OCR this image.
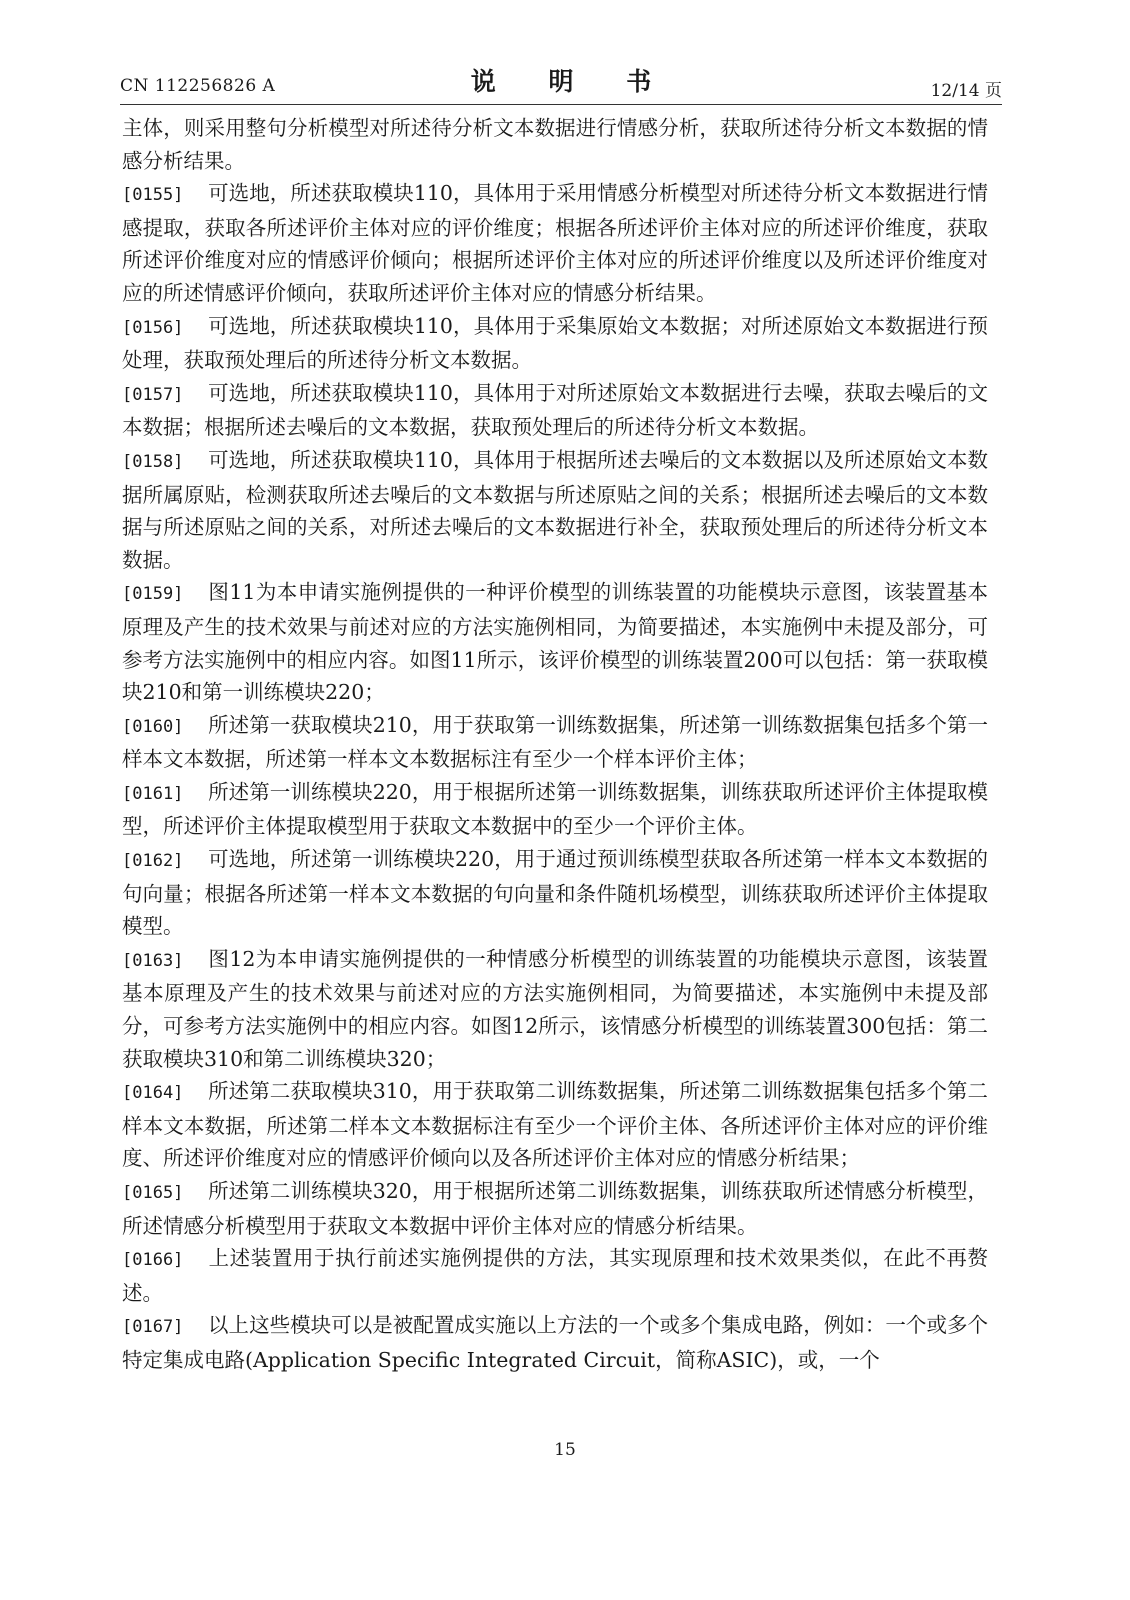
CN 112256826 A	说 明 书	12/14 页

主体，则采用整句分析模型对所述待分析文本数据进行情感分析，获取所述待分析文本数据的情感分析结果。

[0155] 可选地，所述获取模块110，具体用于采用情感分析模型对所述待分析文本数据进行情感提取，获取各所述评价主体对应的评价维度；根据各所述评价主体对应的所述评价维度，获取所述评价维度对应的情感评价倾向；根据所述评价主体对应的所述评价维度以及所述评价维度对应的所述情感评价倾向，获取所述评价主体对应的情感分析结果。

[0156] 可选地，所述获取模块110，具体用于采集原始文本数据；对所述原始文本数据进行预处理，获取预处理后的所述待分析文本数据。

[0157] 可选地，所述获取模块110，具体用于对所述原始文本数据进行去噪，获取去噪后的文本数据；根据所述去噪后的文本数据，获取预处理后的所述待分析文本数据。

[0158] 可选地，所述获取模块110，具体用于根据所述去噪后的文本数据以及所述原始文本数据所属原贴，检测获取所述去噪后的文本数据与所述原贴之间的关系；根据所述去噪后的文本数据与所述原贴之间的关系，对所述去噪后的文本数据进行补全，获取预处理后的所述待分析文本数据。

[0159] 图11为本申请实施例提供的一种评价模型的训练装置的功能模块示意图，该装置基本原理及产生的技术效果与前述对应的方法实施例相同，为简要描述，本实施例中未提及部分，可参考方法实施例中的相应内容。如图11所示，该评价模型的训练装置200可以包括：第一获取模块210和第一训练模块220；

[0160] 所述第一获取模块210，用于获取第一训练数据集，所述第一训练数据集包括多个第一样本文本数据，所述第一样本文本数据标注有至少一个样本评价主体；

[0161] 所述第一训练模块220，用于根据所述第一训练数据集，训练获取所述评价主体提取模型，所述评价主体提取模型用于获取文本数据中的至少一个评价主体。

[0162] 可选地，所述第一训练模块220，用于通过预训练模型获取各所述第一样本文本数据的句向量；根据各所述第一样本文本数据的句向量和条件随机场模型，训练获取所述评价主体提取模型。

[0163] 图12为本申请实施例提供的一种情感分析模型的训练装置的功能模块示意图，该装置基本原理及产生的技术效果与前述对应的方法实施例相同，为简要描述，本实施例中未提及部分，可参考方法实施例中的相应内容。如图12所示，该情感分析模型的训练装置300包括：第二获取模块310和第二训练模块320；

[0164] 所述第二获取模块310，用于获取第二训练数据集，所述第二训练数据集包括多个第二样本文本数据，所述第二样本文本数据标注有至少一个评价主体、各所述评价主体对应的评价维度、所述评价维度对应的情感评价倾向以及各所述评价主体对应的情感分析结果；

[0165] 所述第二训练模块320，用于根据所述第二训练数据集，训练获取所述情感分析模型，所述情感分析模型用于获取文本数据中评价主体对应的情感分析结果。

[0166] 上述装置用于执行前述实施例提供的方法，其实现原理和技术效果类似，在此不再赘述。

[0167] 以上这些模块可以是被配置成实施以上方法的一个或多个集成电路，例如：一个或多个特定集成电路(Application Specific Integrated Circuit，简称ASIC)，或，一个

15
